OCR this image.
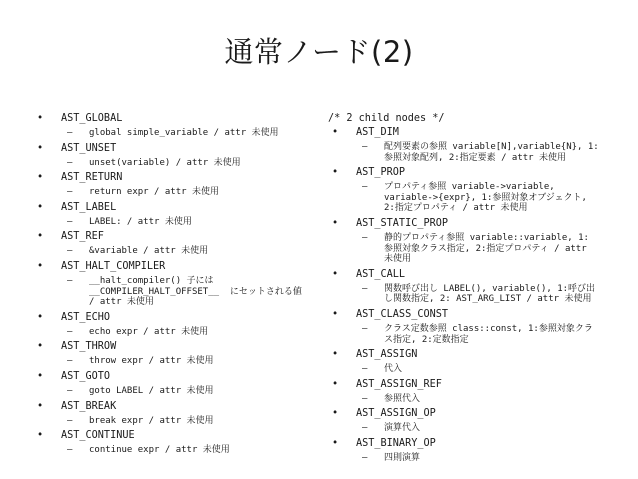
通常ノード(2)
•	AST_GLOBAL
–	global simple_variable / attr 未使用
•	AST_UNSET
–	unset(variable) / attr 未使用
•	AST_RETURN
–	return expr / attr 未使用
•	AST_LABEL
–	LABEL: / attr 未使用
•	AST_REF
–	&variable / attr 未使用
•	AST_HALT_COMPILER
–	__halt_compiler() 子には
__COMPILER_HALT_OFFSET__  にセットされる値
/ attr 未使用
•	AST_ECHO
–	echo expr / attr 未使用
•	AST_THROW
–	throw expr / attr 未使用
•	AST_GOTO
–	goto LABEL / attr 未使用
•	AST_BREAK
–	break expr / attr 未使用
•	AST_CONTINUE
–	continue expr / attr 未使用
/* 2 child nodes */
•	AST_DIM
–	配列要素の参照 variable[N],variable{N}, 1:
参照対象配列, 2:指定要素 / attr 未使用
•	AST_PROP
–	プロパティ参照 variable->variable,
variable->{expr}, 1:参照対象オブジェクト,
2:指定プロパティ / attr 未使用
•	AST_STATIC_PROP
–	静的プロパティ参照 variable::variable, 1:
参照対象クラス指定, 2:指定プロパティ / attr
未使用
•	AST_CALL
–	関数呼び出し LABEL(), variable(), 1:呼び出
し関数指定, 2: AST_ARG_LIST / attr 未使用
•	AST_CLASS_CONST
–	クラス定数参照 class::const, 1:参照対象クラ
ス指定, 2:定数指定
•	AST_ASSIGN
–	代入
•	AST_ASSIGN_REF
–	参照代入
•	AST_ASSIGN_OP
–	演算代入
•	AST_BINARY_OP
–	四則演算
